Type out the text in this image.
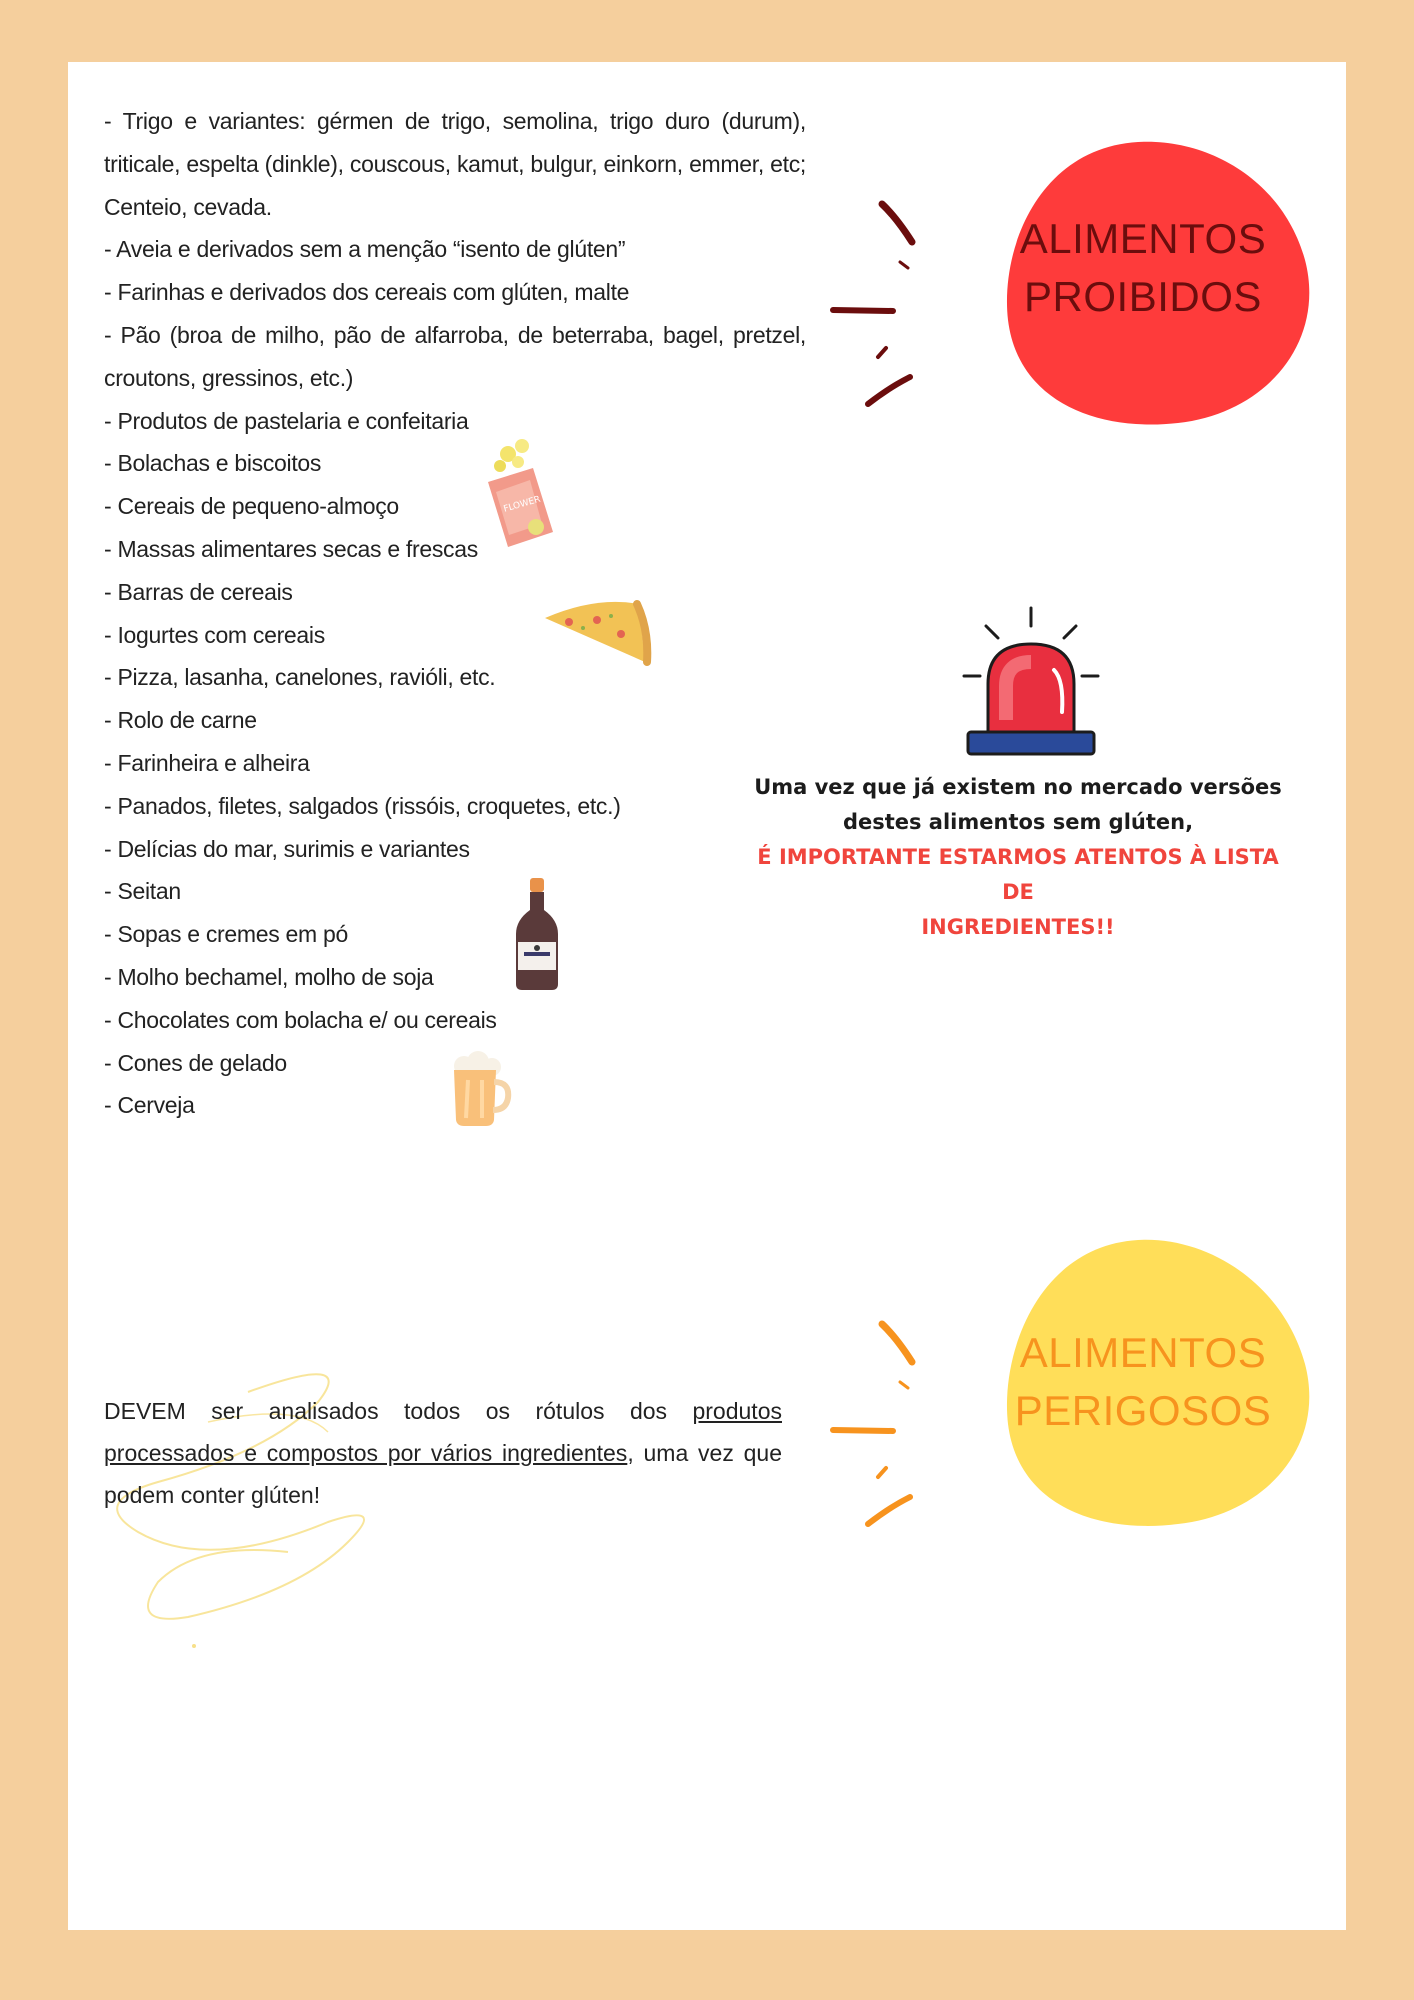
- Trigo e variantes: gérmen de trigo, semolina, trigo duro (durum), triticale, espelta (dinkle), couscous, kamut, bulgur, einkorn, emmer, etc; Centeio, cevada.

- Aveia e derivados sem a menção “isento de glúten”

- Farinhas e derivados dos cereais com glúten, malte

- Pão (broa de milho, pão de alfarroba, de beterraba, bagel, pretzel, croutons, gressinos, etc.)

- Produtos de pastelaria e confeitaria

- Bolachas e biscoitos

- Cereais de pequeno-almoço

- Massas alimentares secas e frescas

- Barras de cereais

- Iogurtes com cereais

- Pizza, lasanha, canelones, ravióli, etc.

- Rolo de carne

- Farinheira e alheira

- Panados, filetes, salgados (rissóis, croquetes, etc.)

- Delícias do mar, surimis e variantes

- Seitan

- Sopas e cremes em pó

- Molho bechamel, molho de soja

- Chocolates com bolacha e/ ou cereais

- Cones de gelado

- Cerveja

ALIMENTOS
PROIBIDOS
FLOWER POWER
Uma vez que já existem no mercado versões
destes alimentos sem glúten,
É IMPORTANTE ESTARMOS ATENTOS À LISTA DE
INGREDIENTES!!
ALIMENTOS
PERIGOSOS
DEVEM ser analisados todos os rótulos dos produtos processados e compostos por vários ingredientes, uma vez que podem conter glúten!
